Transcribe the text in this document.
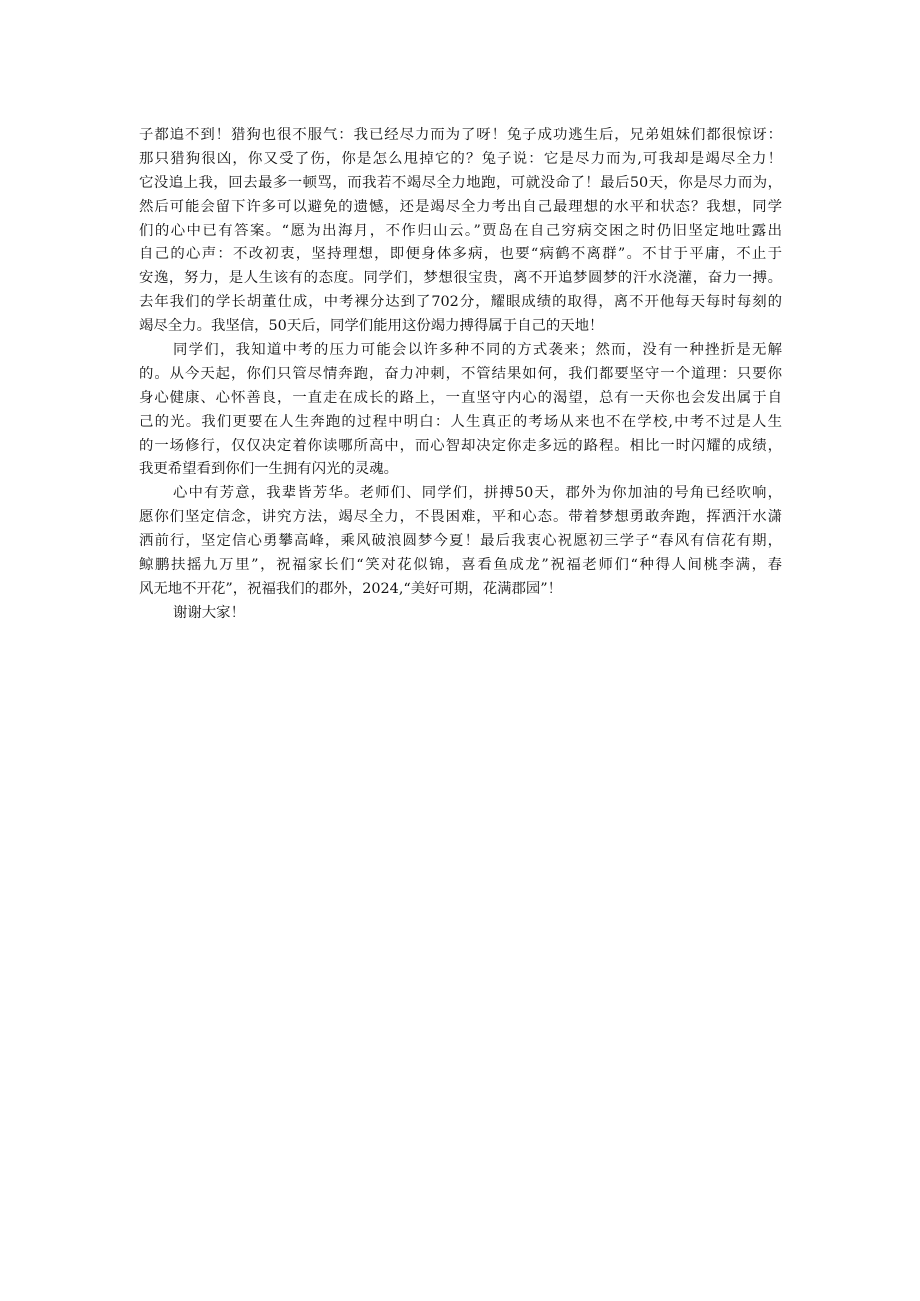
子都追不到！猎狗也很不服气：我已经尽力而为了呀！兔子成功逃生后，兄弟姐妹们都很惊讶：
那只猎狗很凶，你又受了伤，你是怎么甩掉它的？兔子说：它是尽力而为,可我却是竭尽全力！
它没追上我，回去最多一顿骂，而我若不竭尽全力地跑，可就没命了！最后50天，你是尽力而为，
然后可能会留下许多可以避免的遗憾，还是竭尽全力考出自己最理想的水平和状态？我想，同学
们的心中已有答案。“愿为出海月，不作归山云。”贾岛在自己穷病交困之时仍旧坚定地吐露出
自己的心声：不改初衷，坚持理想，即便身体多病，也要“病鹤不离群”。不甘于平庸，不止于
安逸，努力，是人生该有的态度。同学们，梦想很宝贵，离不开追梦圆梦的汗水浇灌，奋力一搏。
去年我们的学长胡董仕成，中考裸分达到了702分，耀眼成绩的取得，离不开他每天每时每刻的
竭尽全力。我坚信，50天后，同学们能用这份竭力搏得属于自己的天地！
同学们，我知道中考的压力可能会以许多种不同的方式袭来；然而，没有一种挫折是无解
的。从今天起，你们只管尽情奔跑，奋力冲刺，不管结果如何，我们都要坚守一个道理：只要你
身心健康、心怀善良，一直走在成长的路上，一直坚守内心的渴望，总有一天你也会发出属于自
己的光。我们更要在人生奔跑的过程中明白：人生真正的考场从来也不在学校,中考不过是人生
的一场修行，仅仅决定着你读哪所高中，而心智却决定你走多远的路程。相比一时闪耀的成绩，
我更希望看到你们一生拥有闪光的灵魂。
心中有芳意，我辈皆芳华。老师们、同学们，拼搏50天，郡外为你加油的号角已经吹响，
愿你们坚定信念，讲究方法，竭尽全力，不畏困难，平和心态。带着梦想勇敢奔跑，挥洒汗水潇
洒前行，坚定信心勇攀高峰，乘风破浪圆梦今夏！最后我衷心祝愿初三学子“春风有信花有期，
鲸鹏扶摇九万里”，祝福家长们“笑对花似锦，喜看鱼成龙”祝福老师们“种得人间桃李满，春
风无地不开花”，祝福我们的郡外，2024,“美好可期，花满郡园”！
谢谢大家！
